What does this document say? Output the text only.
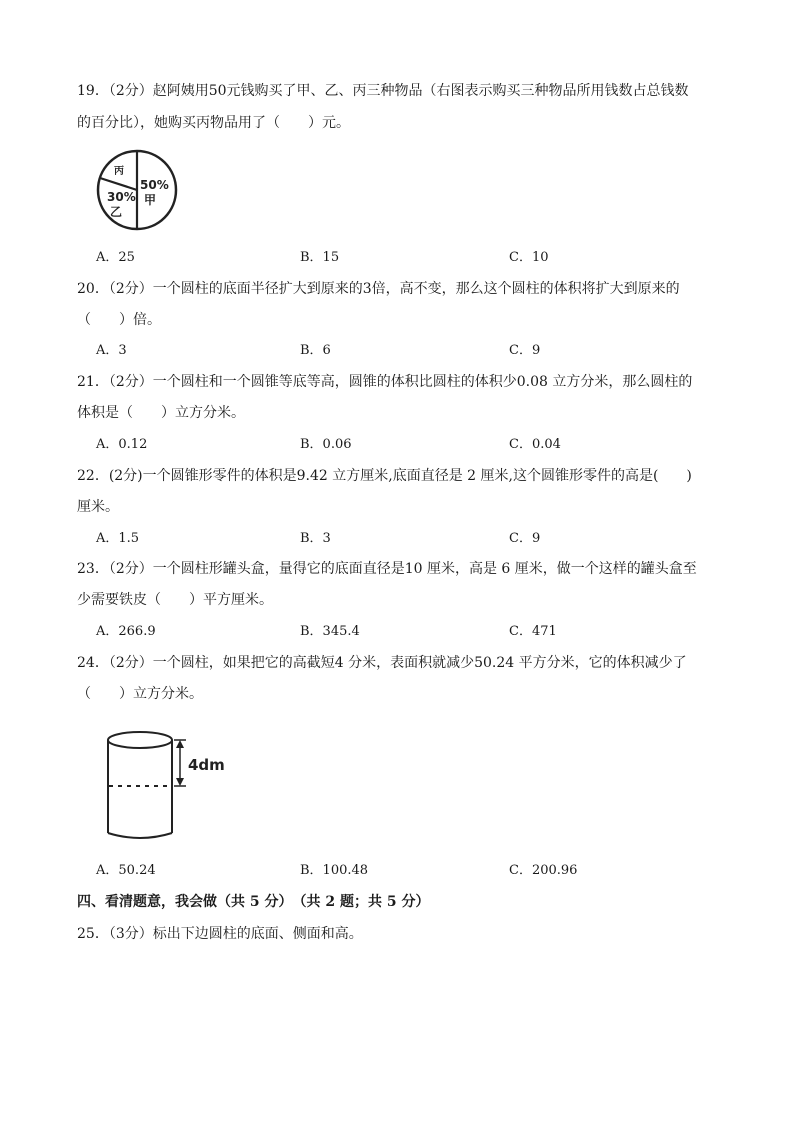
19．（2分）赵阿姨用50元钱购买了甲、乙、丙三种物品（右图表示购买三种物品所用钱数占总钱数
的百分比），她购买丙物品用了（　　）元。
丙
30%
乙
50%
甲
A．25	B．15	C．10
20．（2分）一个圆柱的底面半径扩大到原来的3倍，高不变，那么这个圆柱的体积将扩大到原来的
（　　）倍。
A．3	B．6	C．9
21．（2分）一个圆柱和一个圆锥等底等高，圆锥的体积比圆柱的体积少0.08 立方分米，那么圆柱的
体积是（　　）立方分米。
A．0.12	B．0.06	C．0.04
22．(2分)一个圆锥形零件的体积是9.42 立方厘米,底面直径是 2 厘米,这个圆锥形零件的高是(　　)
厘米。
A．1.5	B．3	C．9
23．（2分）一个圆柱形罐头盒，量得它的底面直径是10 厘米，高是 6 厘米，做一个这样的罐头盒至
少需要铁皮（　　）平方厘米。
A．266.9	B．345.4	C．471
24．（2分）一个圆柱，如果把它的高截短4 分米，表面积就减少50.24 平方分米，它的体积减少了
（　　）立方分米。
4dm
A．50.24	B．100.48	C．200.96
四、看清题意，我会做（共 5 分）　（共 2 题；共 5 分）
25．（3分）标出下边圆柱的底面、侧面和高。
